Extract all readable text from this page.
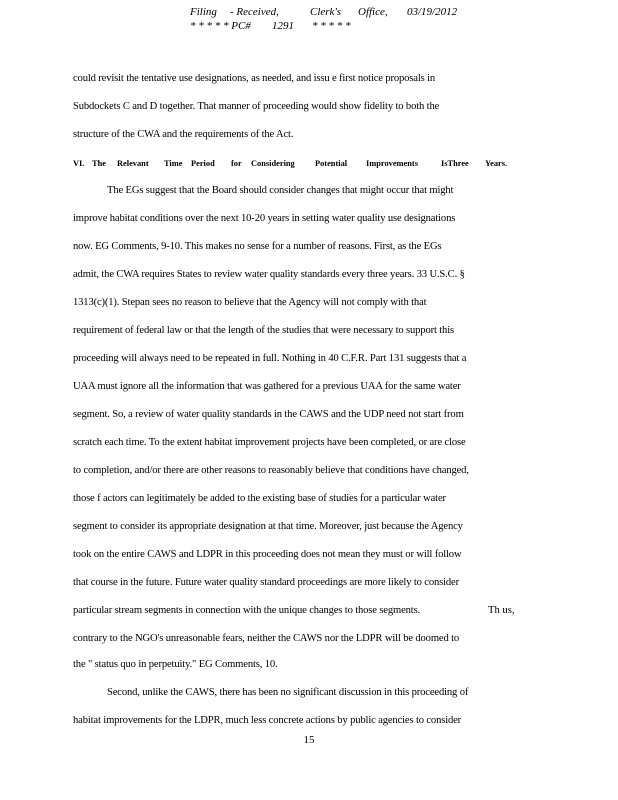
Filing - Received,	Clerk's Office, 03/19/2012
* * * * * PC# 1291 * * * * *
could revisit the tentative use designations, as needed, and issu e first notice proposals in
Subdockets C and D together. That manner of proceeding would show fidelity to both the
structure of the CWA and the requirements of the Act.
VI. The Relevant Time Period for Considering Potential Improvements	IsThree Years.
The EGs suggest that the Board should consider changes that might occur that might
improve habitat conditions over the next 10-20 years in setting water quality use designations
now. EG Comments, 9-10. This makes no sense for a number of reasons. First, as the EGs
admit, the CWA requires States to review water quality standards every three years. 33 U.S.C. §
1313(c)(1). Stepan sees no reason to believe that the Agency will not comply with that
requirement of federal law or that the length of the studies that were necessary to support this
proceeding will always need to be repeated in full. Nothing in 40 C.F.R. Part 131 suggests that a
UAA must ignore all the information that was gathered for a previous UAA for the same water
segment. So, a review of water quality standards in the CAWS and the UDP need not start from
scratch each time. To the extent habitat improvement projects have been completed, or are close
to completion, and/or there are other reasons to reasonably believe that conditions have changed,
those f actors can legitimately be added to the existing base of studies for a particular water
segment to consider its appropriate designation at that time. Moreover, just because the Agency
took on the entire CAWS and LDPR in this proceeding does not mean they must or will follow
that course in the future. Future water quality standard proceedings are more likely to consider
particular stream segments in connection with the unique changes to those segments.	Th us,
contrary to the NGO's unreasonable fears, neither the CAWS nor the LDPR will be doomed to
the " status quo in perpetuity." EG Comments, 10.
Second, unlike the CAWS, there has been no significant discussion in this proceeding of
habitat improvements for the LDPR, much less concrete actions by public agencies to consider
15
